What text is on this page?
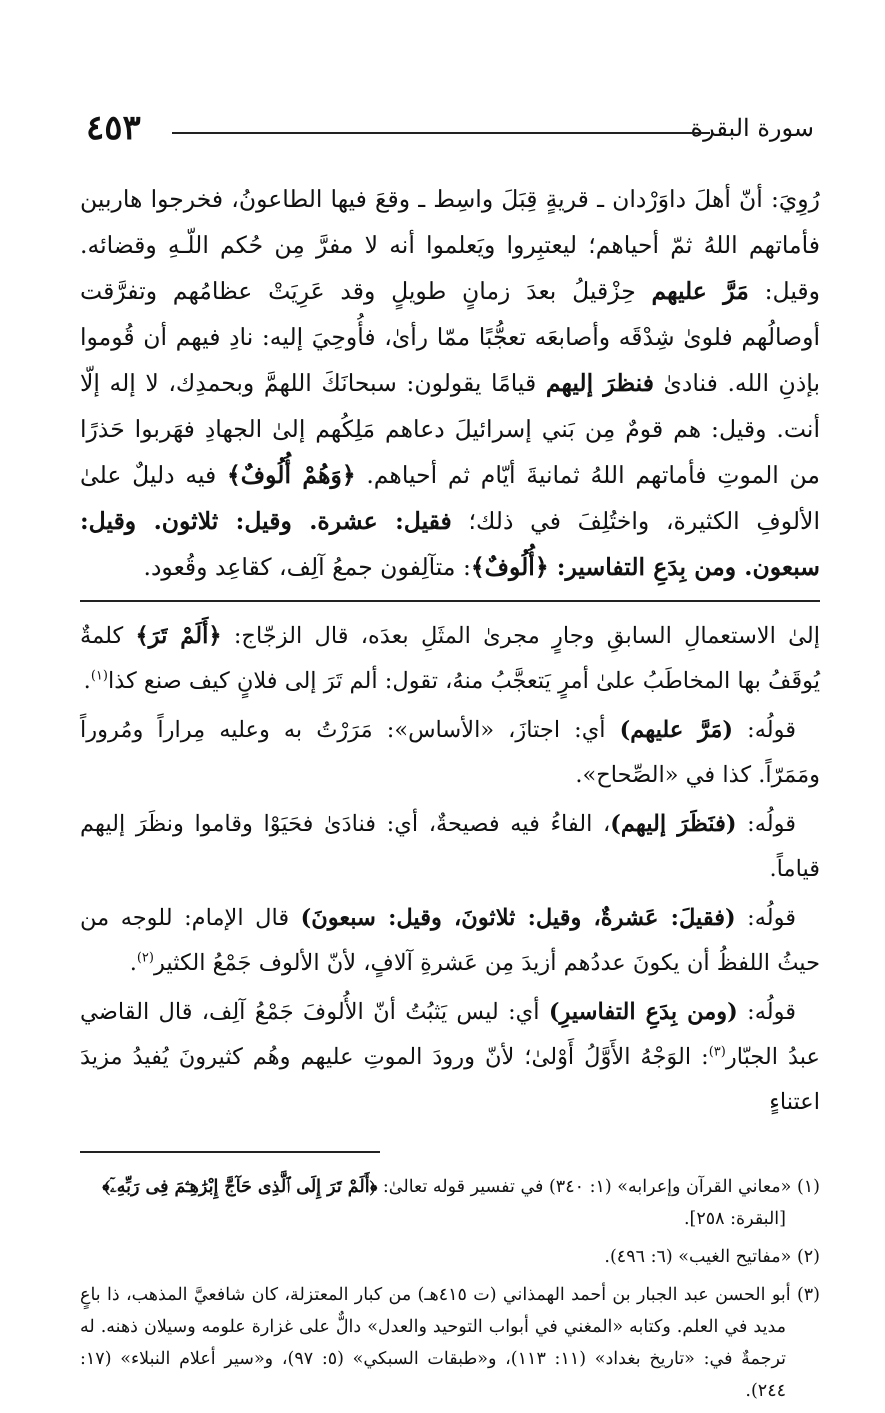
سورة البقرة
٤٥٣

رُوِيَ: أنّ أهلَ داوَرْدان ـ قريةٍ قِبَلَ واسِط ـ وقعَ فيها الطاعونُ، فخرجوا هاربين فأماتهم اللهُ ثمّ أحياهم؛ ليعتبِروا ويَعلموا أنه لا مفرَّ مِن حُكم اللّـهِ وقضائه. وقيل: مَرَّ عليهم حِزْقيلُ بعدَ زمانٍ طويلٍ وقد عَرِيَتْ عظامُهم وتفرَّقت أوصالُهم فلوىٰ شِدْقَه وأصابعَه تعجُّبًا ممّا رأىٰ، فأُوحِيَ إليه: نادِ فيهم أن قُوموا بإذنِ الله. فنادىٰ فنظرَ إليهم قيامًا يقولون: سبحانَكَ اللهمَّ وبحمدِك، لا إله إلّا أنت. وقيل: هم قومٌ مِن بَني إسرائيلَ دعاهم مَلِكُهم إلىٰ الجهادِ فهَربوا حَذرًا من الموتِ فأماتهم اللهُ ثمانيةَ أيّام ثم أحياهم. ﴿وَهُمْ أُلُوفٌ﴾ فيه دليلٌ علىٰ الألوفِ الكثيرة، واختُلِفَ في ذلك؛ فقيل: عشرة. وقيل: ثلاثون. وقيل: سبعون. ومن بِدَعِ التفاسير: ﴿أُلُوفٌ﴾: متآلِفون جمعُ آلِف، كقاعِد وقُعود.

إلىٰ الاستعمالِ السابقِ وجارٍ مجرىٰ المثَلِ بعدَه، قال الزجّاج: ﴿أَلَمْ تَرَ﴾ كلمةٌ يُوقَفُ بها المخاطَبُ علىٰ أمرٍ يَتعجَّبُ منهُ، تقول: ألم تَرَ إلى فلانٍ كيف صنع كذا$^{(١)}$.

قولُه: (مَرَّ عليهم) أي: اجتازَ، «الأساس»: مَرَرْتُ به وعليه مِراراً ومُروراً ومَمَرّاً. كذا في «الصِّحاح».

قولُه: (فنَظَرَ إليهم)، الفاءُ فيه فصيحةٌ، أي: فنادَىٰ فحَيَوْا وقاموا ونظَرَ إليهم قياماً.

قولُه: (فقيلَ: عَشرةٌ، وقيل: ثلاثونَ، وقيل: سبعونَ) قال الإمام: للوجه من حيثُ اللفظُ أن يكونَ عددُهم أزيدَ مِن عَشرةِ آلافٍ، لأنّ الألوف جَمْعُ الكثير$^{(٢)}$.

قولُه: (ومن بِدَعِ التفاسيرِ) أي: ليس يَثبُتُ أنّ الأُلوفَ جَمْعُ آلِف، قال القاضي عبدُ الجبّار$^{(٣)}$: الوَجْهُ الأَوَّلُ أَوْلىٰ؛ لأنّ ورودَ الموتِ عليهم وهُم كثيرونَ يُفيدُ مزيدَ اعتناءٍ

(١) «معاني القرآن وإعرابه» (١: ٣٤٠) في تفسير قوله تعالىٰ: ﴿أَلَمْ تَرَ إِلَى ٱلَّذِى حَآجَّ إِبْرَٰهِـۧمَ فِى رَبِّهِۦٓ﴾
[البقرة: ٢٥٨].
(٢) «مفاتيح الغيب» (٦: ٤٩٦).
(٣) أبو الحسن عبد الجبار بن أحمد الهمذاني (ت ٤١٥هـ) من كبار المعتزلة، كان شافعيَّ المذهب، ذا باعٍ مديد في العلم. وكتابه «المغني في أبواب التوحيد والعدل» دالٌّ على غزارة علومه وسيلان ذهنه. له ترجمةٌ في: «تاريخ بغداد» (١١: ١١٣)، و«طبقات السبكي» (٥: ٩٧)، و«سير أعلام النبلاء» (١٧: ٢٤٤).
